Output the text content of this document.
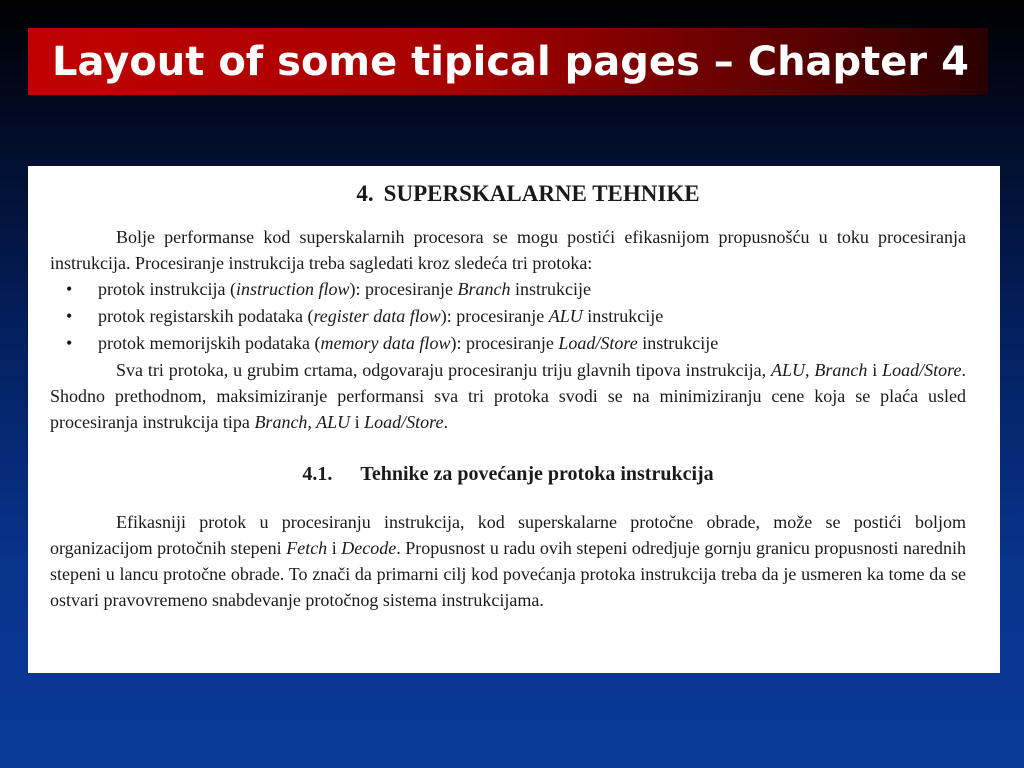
Layout of some tipical pages – Chapter 4
4. SUPERSKALARNE TEHNIKE

Bolje performanse kod superskalarnih procesora se mogu postići efikasnijom propusnošću u toku procesiranja instrukcija. Procesiranje instrukcija treba sagledati kroz sledeća tri protoka:

• protok instrukcija (instruction flow): procesiranje Branch instrukcije
• protok registarskih podataka (register data flow): procesiranje ALU instrukcije
• protok memorijskih podataka (memory data flow): procesiranje Load/Store instrukcije

Sva tri protoka, u grubim crtama, odgovaraju procesiranju triju glavnih tipova instrukcija, ALU, Branch i Load/Store. Shodno prethodnom, maksimiziranje performansi sva tri protoka svodi se na minimiziranju cene koja se plaća usled procesiranja instrukcija tipa Branch, ALU i Load/Store.

4.1. Tehnike za povećanje protoka instrukcija

Efikasniji protok u procesiranju instrukcija, kod superskalarne protočne obrade, može se postići boljom organizacijom protočnih stepeni Fetch i Decode. Propusnost u radu ovih stepeni odredjuje gornju granicu propusnosti narednih stepeni u lancu protočne obrade. To znači da primarni cilj kod povećanja protoka instrukcija treba da je usmeren ka tome da se ostvari pravovremeno snabdevanje protočnog sistema instrukcijama.
